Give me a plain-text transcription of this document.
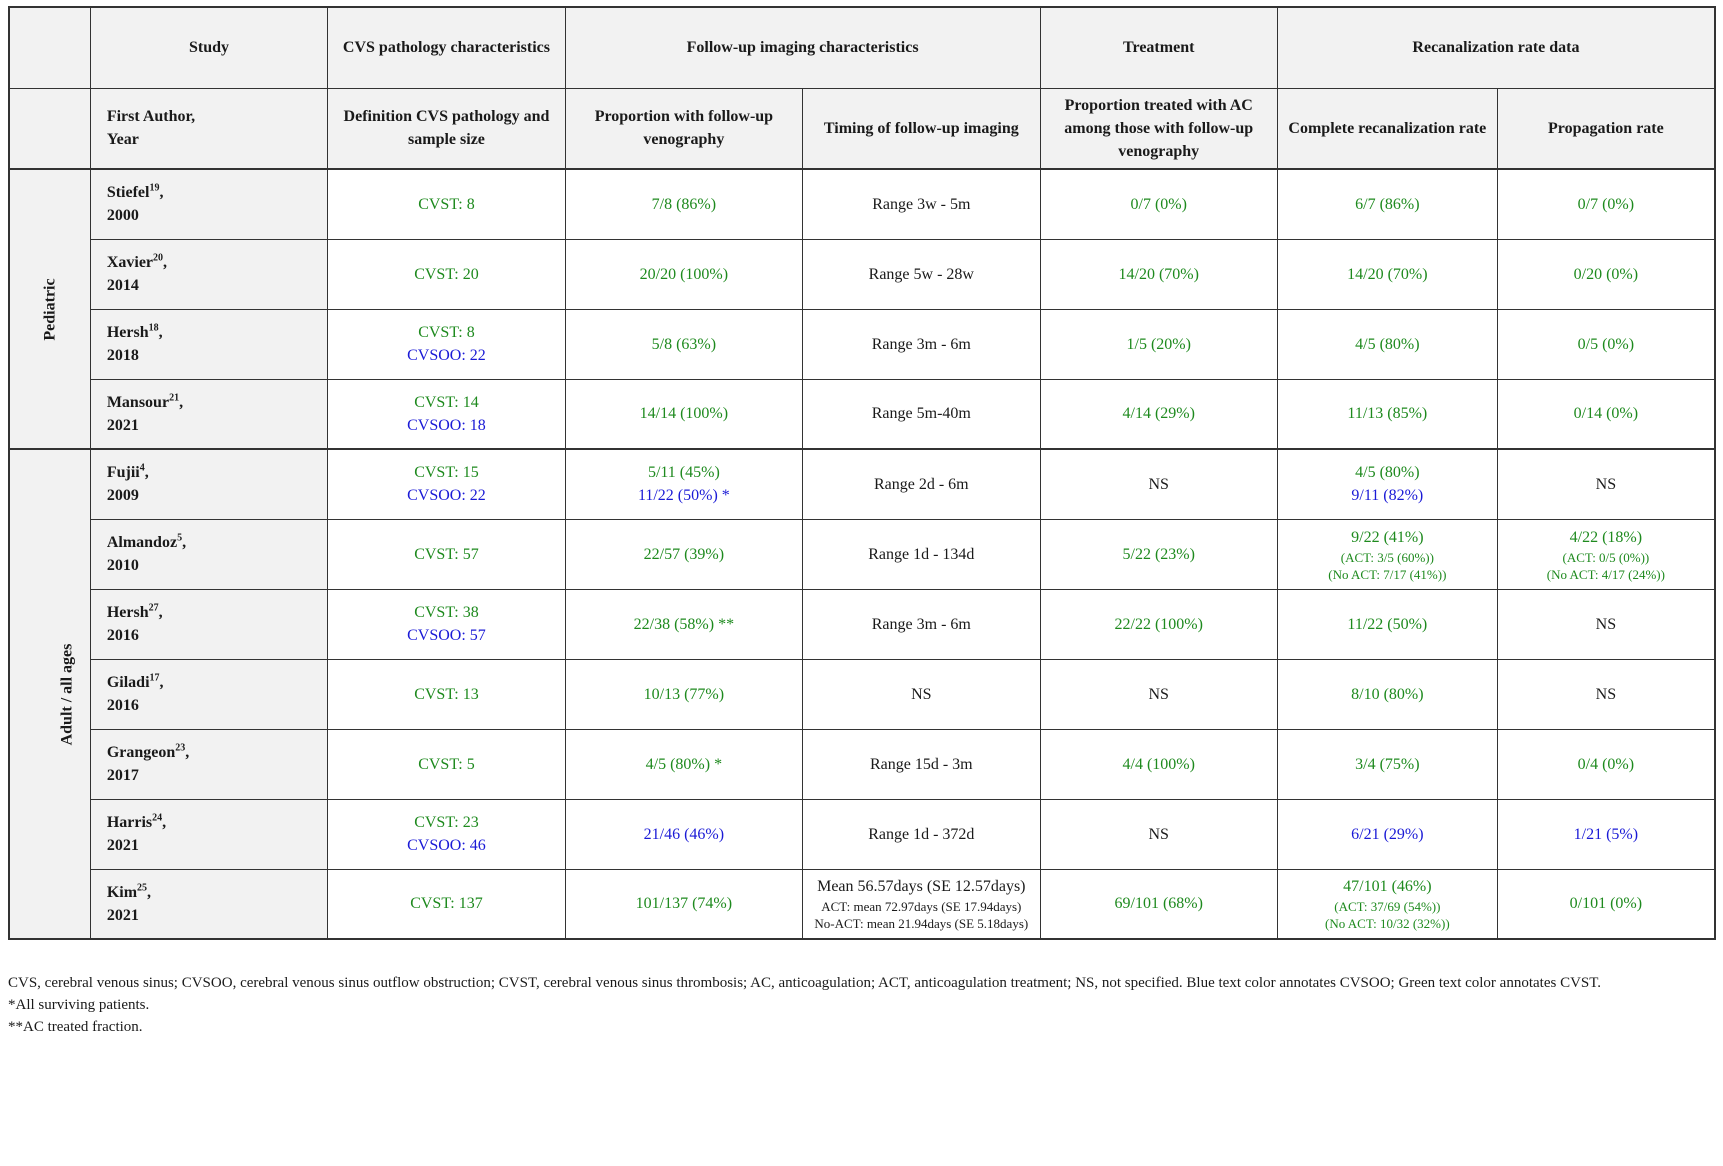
	Study	CVS pathology characteristics	Follow-up imaging characteristics		Treatment	Recanalization rate data	

	First Author,
Year	Definition CVS pathology and sample size	Proportion with follow-up venography	Timing of follow-up imaging	Proportion treated with AC among those with follow-up venography	Complete recanalization rate	Propagation rate
Pediatric	Stiefel$^{19}$,
2000	CVST: 8	7/8 (86%)	Range 3w - 5m	0/7 (0%)	6/7 (86%)	0/7 (0%)

	Xavier$^{20}$,
2014	CVST: 20	20/20 (100%)	Range 5w - 28w	14/20 (70%)	14/20 (70%)	0/20 (0%)

	Hersh$^{18}$,
2018	CVST: 8
CVSOO: 22	5/8 (63%)	Range 3m - 6m	1/5 (20%)	4/5 (80%)	0/5 (0%)

	Mansour$^{21}$,
2021	CVST: 14
CVSOO: 18	14/14 (100%)	Range 5m-40m	4/14 (29%)	11/13 (85%)	0/14 (0%)

Adult / all ages	Fujii$^4$,
2009	CVST: 15
CVSOO: 22	5/11 (45%)
11/22 (50%) *	Range 2d - 6m	NS	4/5 (80%)
9/11 (82%)	NS

	Almandoz$^5$,
2010	CVST: 57	22/57 (39%)	Range 1d - 134d	5/22 (23%)	9/22 (41%)
(ACT: 3/5 (60%))
(No ACT: 7/17 (41%))	4/22 (18%)
(ACT: 0/5 (0%))
(No ACT: 4/17 (24%))

	Hersh$^{27}$,
2016	CVST: 38
CVSOO: 57	22/38 (58%) **	Range 3m - 6m	22/22 (100%)	11/22 (50%)	NS

	Giladi$^{17}$,
2016	CVST: 13	10/13 (77%)	NS	NS	8/10 (80%)	NS

	Grangeon$^{23}$,
2017	CVST: 5	4/5 (80%) *	Range 15d - 3m	4/4 (100%)	3/4 (75%)	0/4 (0%)

	Harris$^{24}$,
2021	CVST: 23
CVSOO: 46	21/46 (46%)	Range 1d - 372d	NS	6/21 (29%)	1/21 (5%)

	Kim$^{25}$,
2021	CVST: 137	101/137 (74%)	Mean 56.57days (SE 12.57days)
ACT: mean 72.97days (SE 17.94days)
No-ACT: mean 21.94days (SE 5.18days)	69/101 (68%)	47/101 (46%)
(ACT: 37/69 (54%))
(No ACT: 10/32 (32%))	0/101 (0%)

CVS, cerebral venous sinus; CVSOO, cerebral venous sinus outflow obstruction; CVST, cerebral venous sinus thrombosis; AC, anticoagulation; ACT, anticoagulation treatment; NS, not specified. Blue text color annotates CVSOO; Green text color annotates CVST.

*All surviving patients.

**AC treated fraction.
